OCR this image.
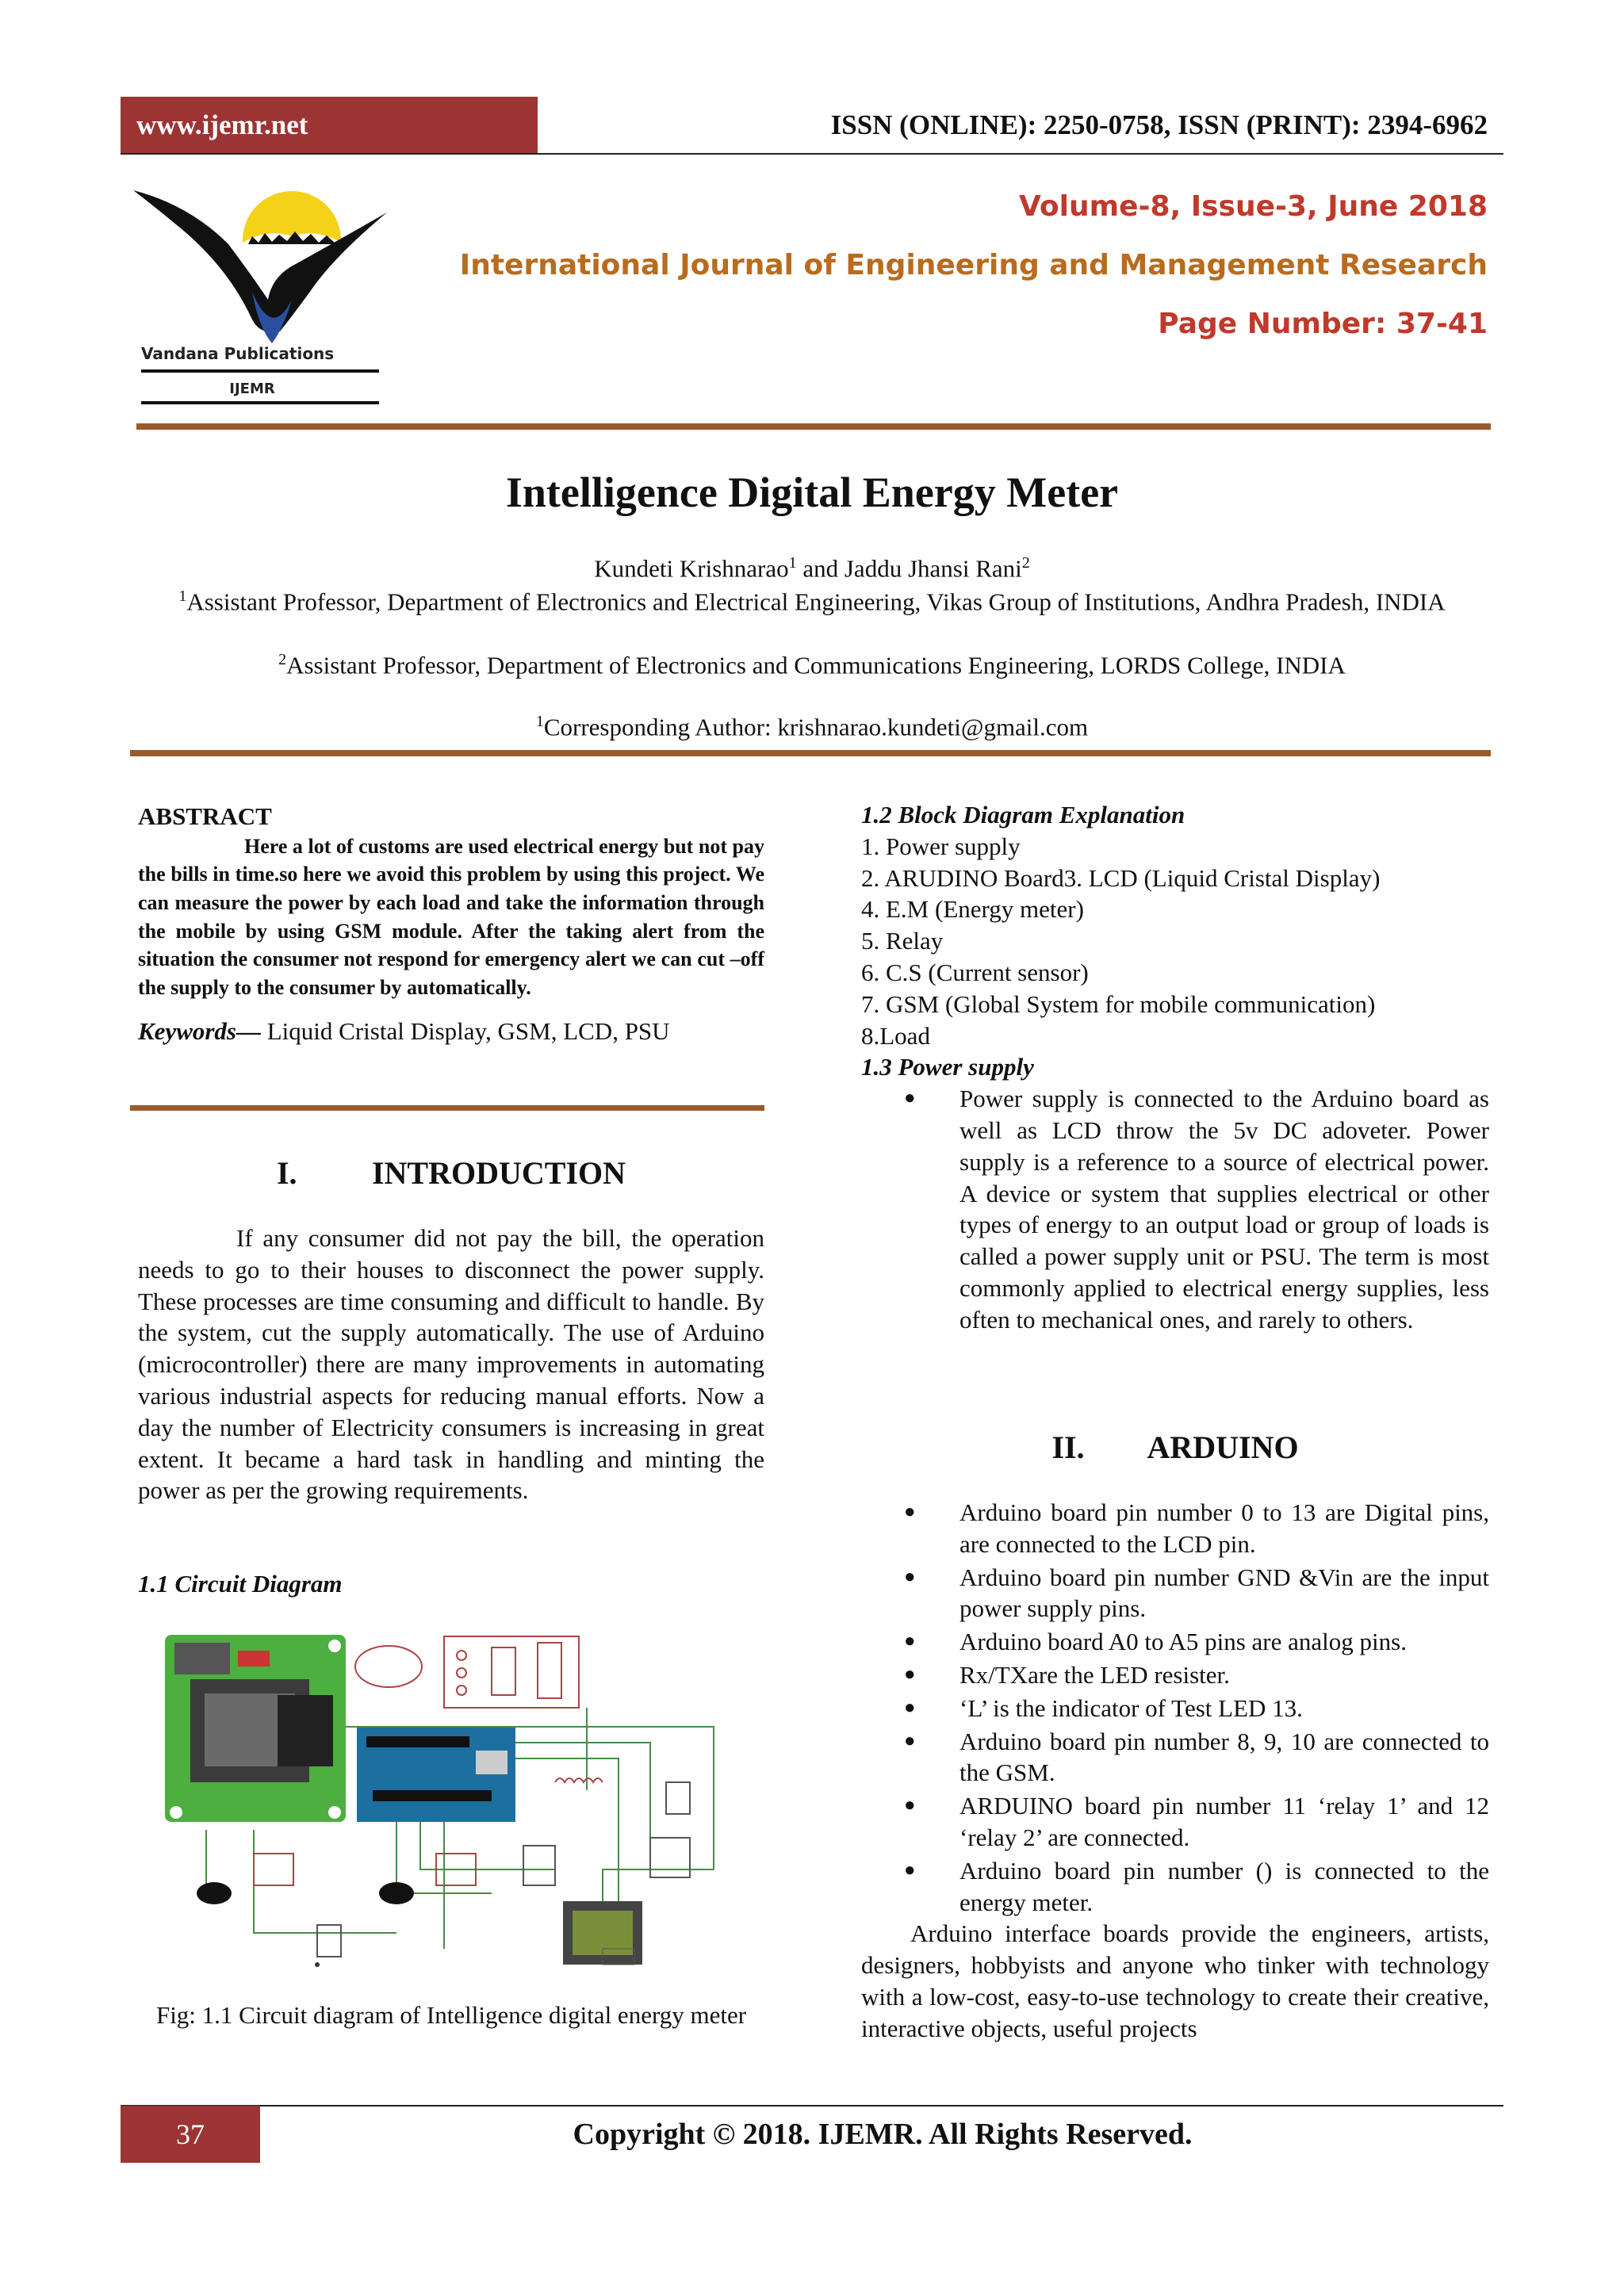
www.ijemr.net	ISSN (ONLINE): 2250-0758, ISSN (PRINT): 2394-6962
Vandana Publications
IJEMR
Volume-8, Issue-3, June 2018
International Journal of Engineering and Management Research
Page Number: 37-41
Intelligence Digital Energy Meter
Kundeti Krishnarao$^1$ and Jaddu Jhansi Rani$^2$
$^1$Assistant Professor, Department of Electronics and Electrical Engineering, Vikas Group of Institutions, Andhra Pradesh, INDIA
$^2$Assistant Professor, Department of Electronics and Communications Engineering, LORDS College, INDIA
$^1$Corresponding Author: krishnarao.kundeti@gmail.com
ABSTRACT
Here a lot of customs are used electrical energy but not pay the bills in time.so here we avoid this problem by using this project. We can measure the power by each load and take the information through the mobile by using GSM module. After the taking alert from the situation the consumer not respond for emergency alert we can cut –off the supply to the consumer by automatically.
Keywords— Liquid Cristal Display, GSM, LCD, PSU
I. INTRODUCTION
If any consumer did not pay the bill, the operation needs to go to their houses to disconnect the power supply. These processes are time consuming and difficult to handle. By the system, cut the supply automatically. The use of Arduino (microcontroller) there are many improvements in automating various industrial aspects for reducing manual efforts. Now a day the number of Electricity consumers is increasing in great extent. It became a hard task in handling and minting the power as per the growing requirements.
1.1 Circuit Diagram
Fig: 1.1 Circuit diagram of Intelligence digital energy meter
1.2 Block Diagram Explanation
1. Power supply
2. ARUDINO Board3. LCD (Liquid Cristal Display)
4. E.M (Energy meter)
5. Relay
6. C.S (Current sensor)
7. GSM (Global System for mobile communication)
8.Load
1.3 Power supply
● Power supply is connected to the Arduino board as well as LCD throw the 5v DC adoveter. Power supply is a reference to a source of electrical power. A device or system that supplies electrical or other types of energy to an output load or group of loads is called a power supply unit or PSU. The term is most commonly applied to electrical energy supplies, less often to mechanical ones, and rarely to others.
II. ARDUINO
● Arduino board pin number 0 to 13 are Digital pins, are connected to the LCD pin.
● Arduino board pin number GND &Vin are the input power supply pins.
● Arduino board A0 to A5 pins are analog pins.
● Rx/TXare the LED resister.
● ‘L’ is the indicator of Test LED 13.
● Arduino board pin number 8, 9, 10 are connected to the GSM.
● ARDUINO board pin number 11 ‘relay 1’ and 12 ‘relay 2’ are connected.
● Arduino board pin number () is connected to the energy meter.
Arduino interface boards provide the engineers, artists, designers, hobbyists and anyone who tinker with technology with a low-cost, easy-to-use technology to create their creative, interactive objects, useful projects
37	Copyright © 2018. IJEMR. All Rights Reserved.
